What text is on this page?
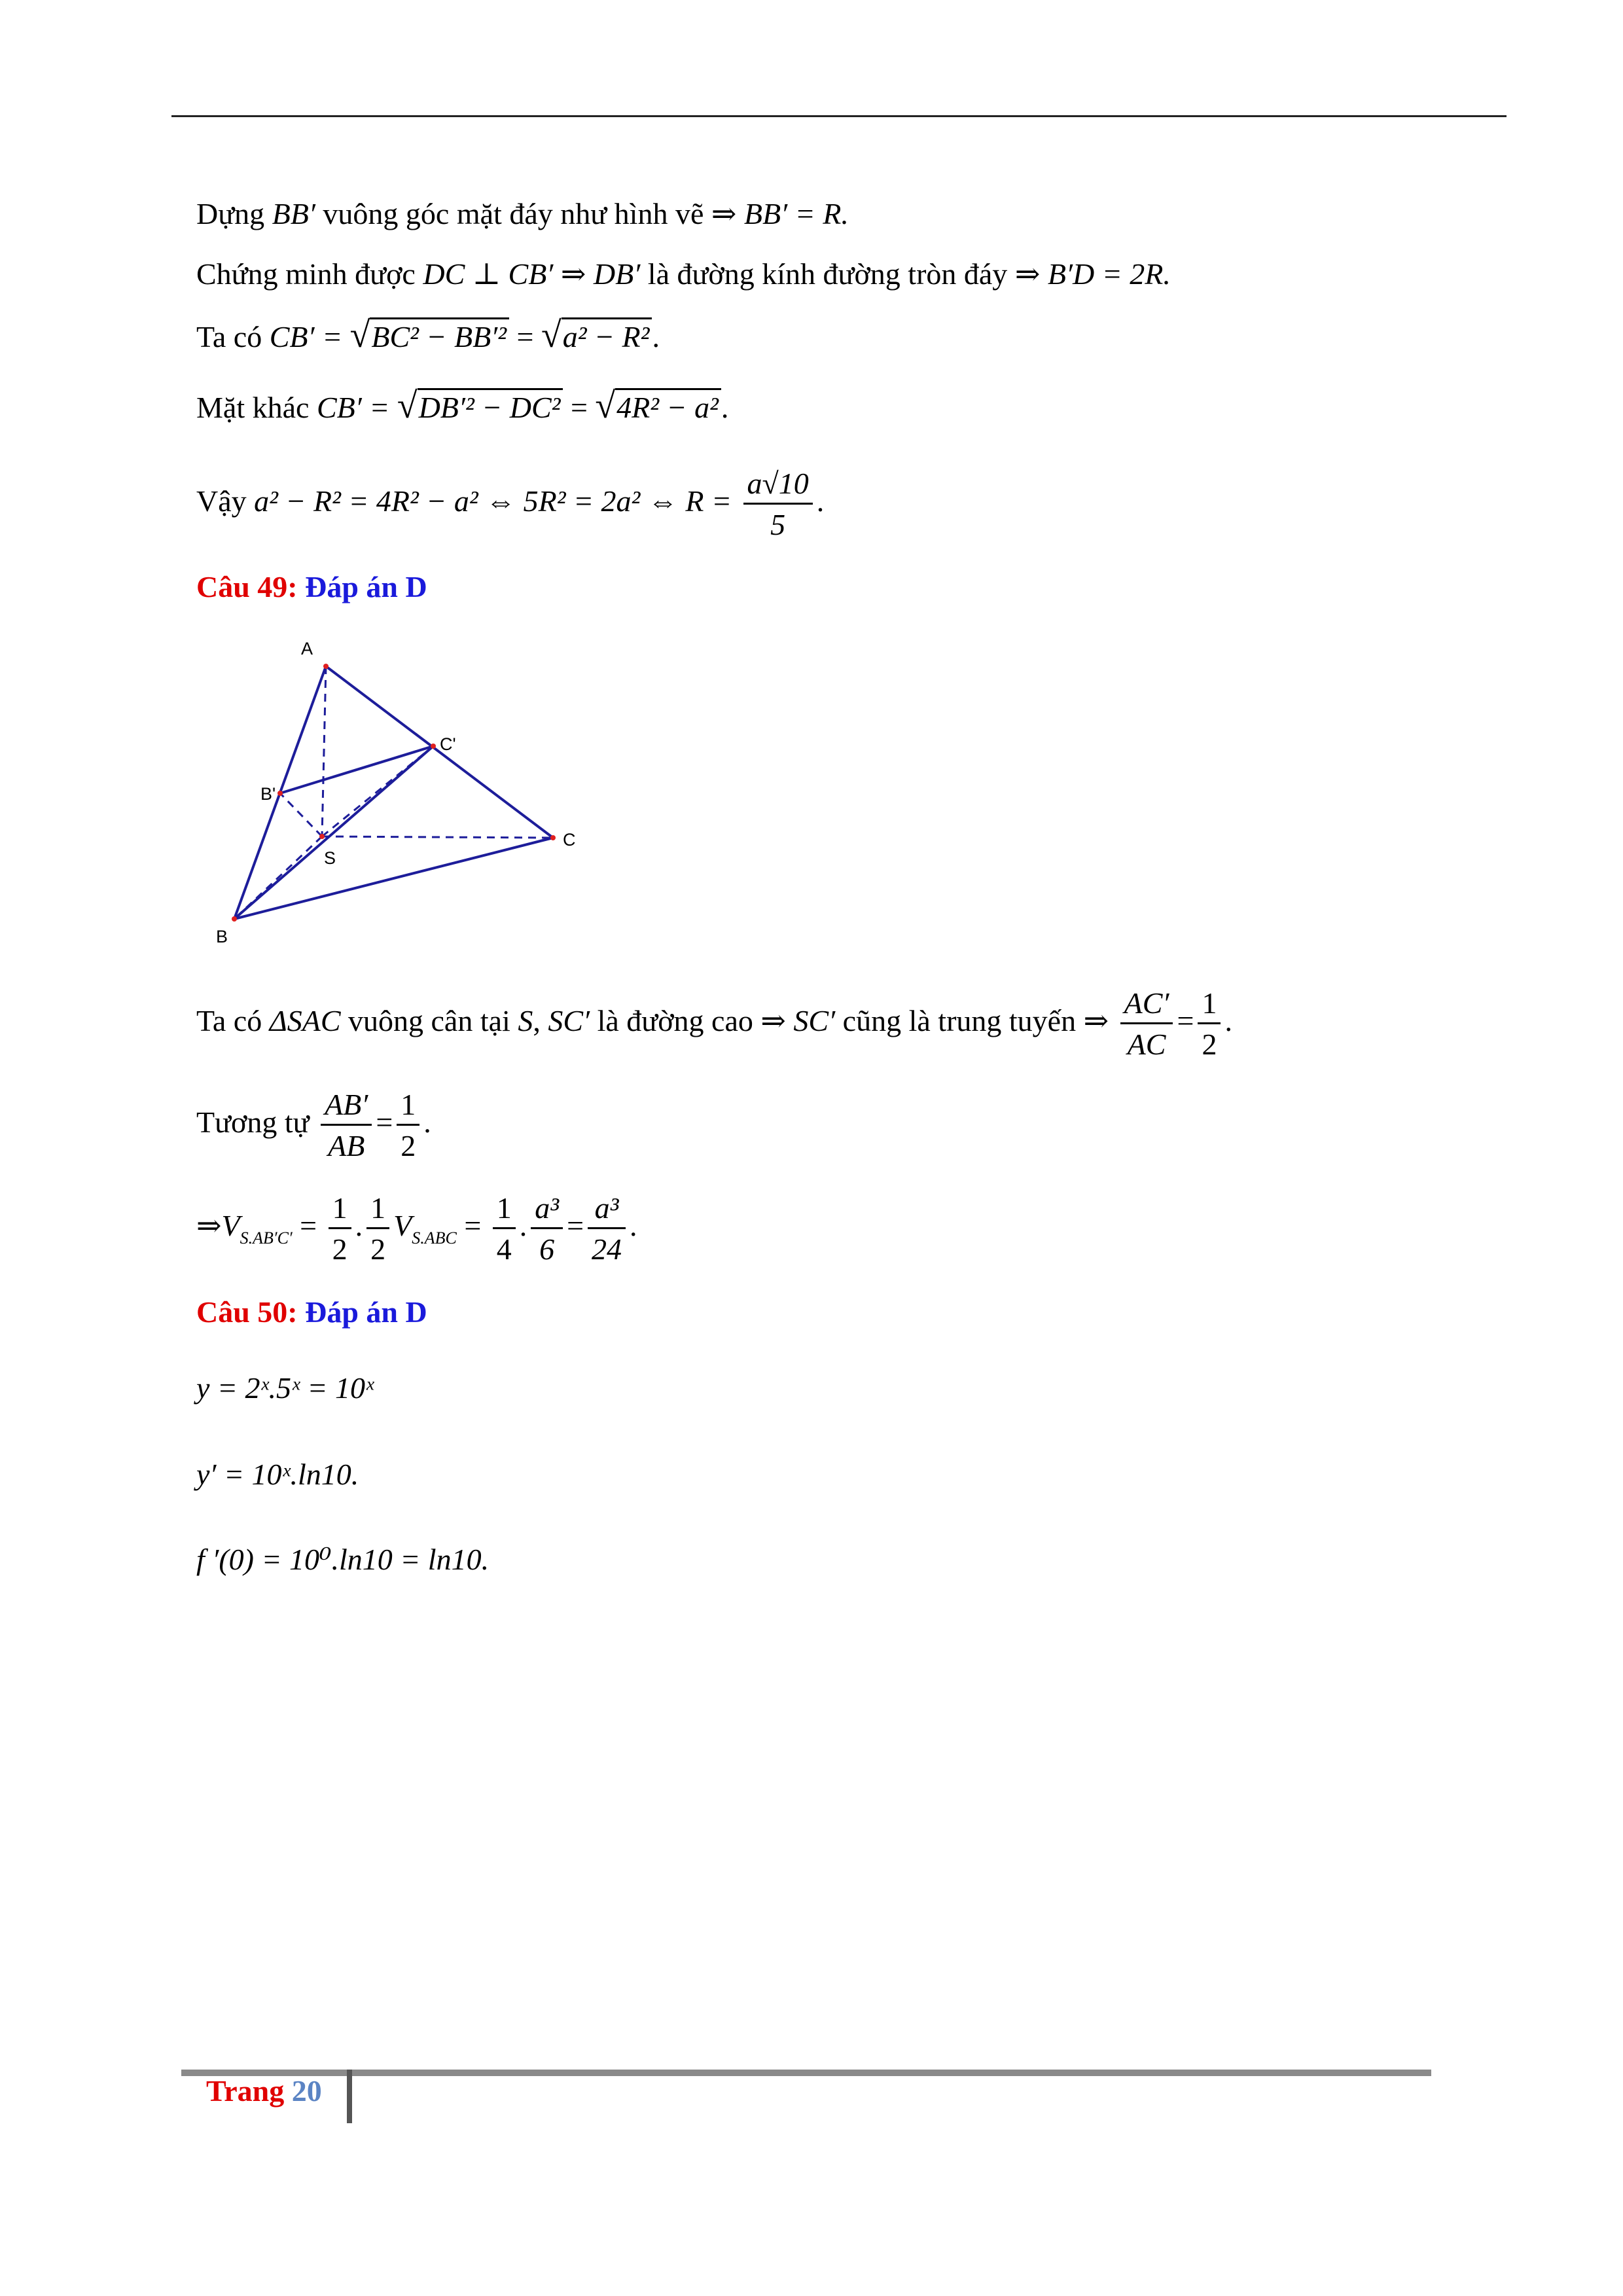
Dựng BB′ vuông góc mặt đáy như hình vẽ ⇒ BB′ = R.
Chứng minh được DC ⊥ CB′ ⇒ DB′ là đường kính đường tròn đáy ⇒ B′D = 2R.
Ta có CB′ = √BC² − BB′² = √a² − R².
Mặt khác CB′ = √DB′² − DC² = √4R² − a².
Vậy a² − R² = 4R² − a² ⇔ 5R² = 2a² ⇔ $R = \frac{a√10}{5}$ .
Câu 49: Đáp án D
A
B
C
S
B'
C'
Ta có ΔSAC vuông cân tại S, SC′ là đường cao ⇒ SC′ cũng là trung tuyến ⇒ $\frac{AC'}{AC} = \frac{1}{2}$ .
Tương tự $\frac{AB'}{AB} = \frac{1}{2}$ .
$\Rightarrow V_{S.AB'C'} = \frac{1}{2}$ . $\frac{1}{2} V_{S.ABC} = \frac{1}{4}$ . $\frac{\text{a³}}{6} = \frac{\text{a³}}{24}$ .
Câu 50: Đáp án D
y = 2ˣ.5ˣ = 10ˣ
y′ = 10ˣ.ln10.
f ′(0) = 10⁰.ln10 = ln10.
Trang 20
